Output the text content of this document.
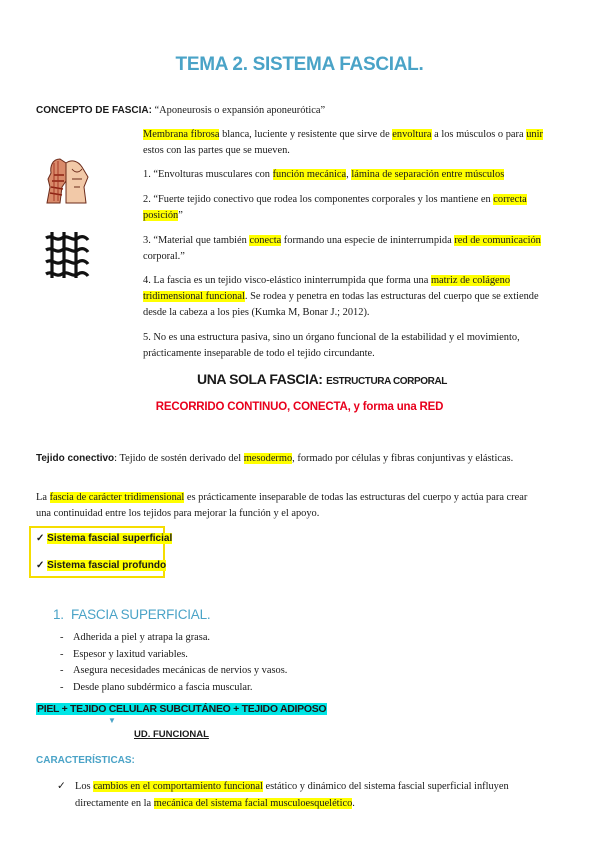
TEMA 2. SISTEMA FASCIAL.
CONCEPTO DE FASCIA: “Aponeurosis o expansión aponeurótica”
Membrana fibrosa blanca, luciente y resistente que sirve de envoltura a los músculos o para unir estos con las partes que se mueven.
1. “Envolturas musculares con función mecánica, lámina de separación entre músculos
2. “Fuerte tejido conectivo que rodea los componentes corporales y los mantiene en correcta posición”
3. “Material que también conecta formando una especie de ininterrumpida red de comunicación corporal.”
4. La fascia es un tejido visco-elástico ininterrumpida que forma una matriz de colágeno tridimensional funcional. Se rodea y penetra en todas las estructuras del cuerpo que se extiende desde la cabeza a los pies (Kumka M, Bonar J.; 2012).
5. No es una estructura pasiva, sino un órgano funcional de la estabilidad y el movimiento, prácticamente inseparable de todo el tejido circundante.
UNA SOLA FASCIA: ESTRUCTURA CORPORAL
RECORRIDO CONTINUO, CONECTA, y forma una RED
Tejido conectivo: Tejido de sostén derivado del mesodermo, formado por células y fibras conjuntivas y elásticas.
La fascia de carácter tridimensional es prácticamente inseparable de todas las estructuras del cuerpo y actúa para crear una continuidad entre los tejidos para mejorar la función y el apoyo.
✓ Sistema fascial superficial
✓ Sistema fascial profundo
1. FASCIA SUPERFICIAL.
- Adherida a piel y atrapa la grasa.
- Espesor y laxitud variables.
- Asegura necesidades mecánicas de nervios y vasos.
- Desde plano subdérmico a fascia muscular.
PIEL + TEJIDO CELULAR SUBCUTÁNEO + TEJIDO ADIPOSO
▼
UD. FUNCIONAL
CARACTERÍSTICAS:
✓ Los cambios en el comportamiento funcional estático y dinámico del sistema fascial superficial influyen directamente en la mecánica del sistema facial musculoesquelético.
